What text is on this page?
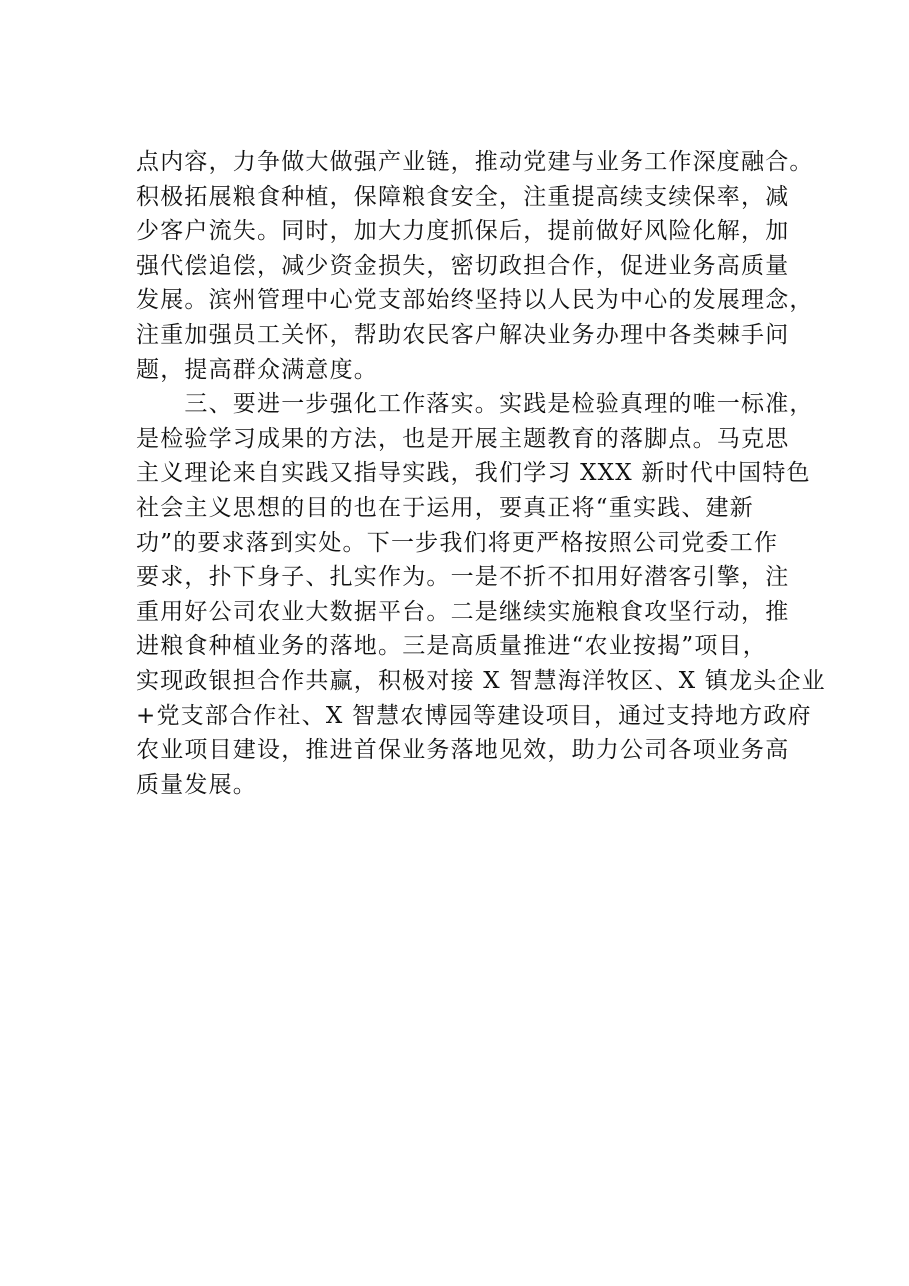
点内容，力争做大做强产业链，推动党建与业务工作深度融合。
积极拓展粮食种植，保障粮食安全，注重提高续支续保率，减
少客户流失。同时，加大力度抓保后，提前做好风险化解，加
强代偿追偿，减少资金损失，密切政担合作，促进业务高质量
发展。滨州管理中心党支部始终坚持以人民为中心的发展理念，
注重加强员工关怀，帮助农民客户解决业务办理中各类棘手问
题，提高群众满意度。
　　三、要进一步强化工作落实。实践是检验真理的唯一标准，
是检验学习成果的方法，也是开展主题教育的落脚点。马克思
主义理论来自实践又指导实践，我们学习 XXX 新时代中国特色
社会主义思想的目的也在于运用，要真正将“重实践、建新
功”的要求落到实处。下一步我们将更严格按照公司党委工作
要求，扑下身子、扎实作为。一是不折不扣用好潜客引擎，注
重用好公司农业大数据平台。二是继续实施粮食攻坚行动，推
进粮食种植业务的落地。三是高质量推进“农业按揭”项目，
实现政银担合作共赢，积极对接 X 智慧海洋牧区、X 镇龙头企业
+党支部合作社、X 智慧农博园等建设项目，通过支持地方政府
农业项目建设，推进首保业务落地见效，助力公司各项业务高
质量发展。
